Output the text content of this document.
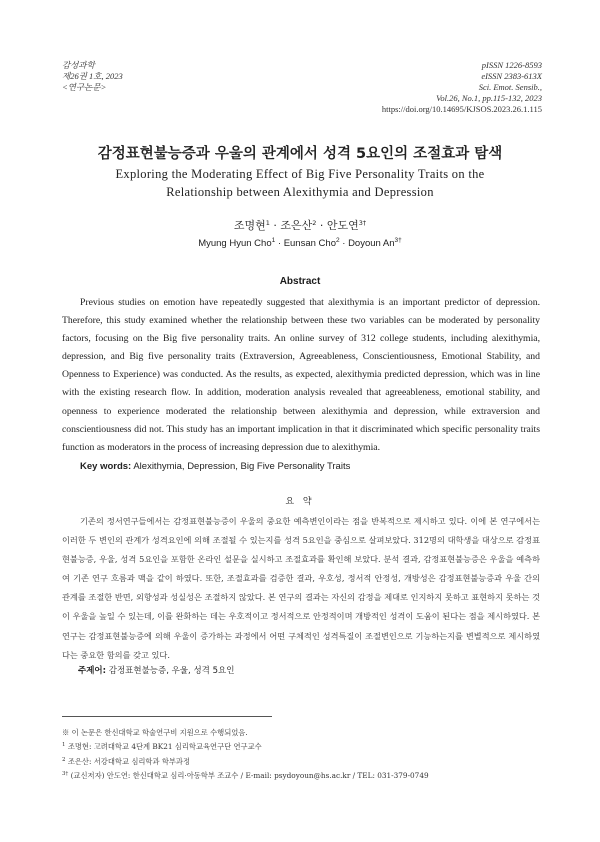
감성과학
제26권 1호, 2023
<연구논문>
pISSN 1226-8593
eISSN 2383-613X
Sci. Emot. Sensib.,
Vol.26, No.1, pp.115-132, 2023
https://doi.org/10.14695/KJSOS.2023.26.1.115
감정표현불능증과 우울의 관계에서 성격 5요인의 조절효과 탐색
Exploring the Moderating Effect of Big Five Personality Traits on the
Relationship between Alexithymia and Depression
조명현$^1$ · 조은산$^2$ · 안도연$^{3\dagger}$
Myung Hyun Cho$^1$ · Eunsan Cho$^2$ · Doyoun $An^{3\dagger}$
Abstract

Previous studies on emotion have repeatedly suggested that alexithymia is an important predictor of depression. Therefore, this study examined whether the relationship between these two variables can be moderated by personality factors, focusing on the Big five personality traits. An online survey of 312 college students, including alexithymia, depression, and Big five personality traits (Extraversion, Agreeableness, Conscientiousness, Emotional Stability, and Openness to Experience) was conducted. As the results, as expected, alexithymia predicted depression, which was in line with the existing research flow. In addition, moderation analysis revealed that agreeableness, emotional stability, and openness to experience moderated the relationship between alexithymia and depression, while extraversion and conscientiousness did not. This study has an important implication in that it discriminated which specific personality traits function as moderators in the process of increasing depression due to alexithymia.

Key words: Alexithymia, Depression, Big Five Personality Traits
요 약

기존의 정서연구들에서는 감정표현불능증이 우울의 중요한 예측변인이라는 점을 반복적으로 제시하고 있다. 이에 본 연구에서는 이러한 두 변인의 관계가 성격요인에 의해 조절될 수 있는지를 성격 5요인을 중심으로 살펴보았다. 312명의 대학생을 대상으로 감정표현불능증, 우울, 성격 5요인을 포함한 온라인 설문을 실시하고 조절효과를 확인해 보았다. 분석 결과, 감정표현불능증은 우울을 예측하여 기존 연구 흐름과 맥을 같이 하였다. 또한, 조절효과를 검증한 결과, 우호성, 정서적 안정성, 개방성은 감정표현불능증과 우울 간의 관계를 조절한 반면, 외향성과 성실성은 조절하지 않았다. 본 연구의 결과는 자신의 감정을 제대로 인지하지 못하고 표현하지 못하는 것이 우울을 높일 수 있는데, 이를 완화하는 데는 우호적이고 정서적으로 안정적이며 개방적인 성격이 도움이 된다는 점을 제시하였다. 본 연구는 감정표현불능증에 의해 우울이 증가하는 과정에서 어떤 구체적인 성격특질이 조절변인으로 기능하는지를 변별적으로 제시하였다는 중요한 함의를 갖고 있다.

주제어: 감정표현불능증, 우울, 성격 5요인
※ 이 논문은 한신대학교 학술연구비 지원으로 수행되었음.
$^1$ 조명현: 고려대학교 4단계 BK21 심리학교육연구단 연구교수
$^2$ 조은산: 서강대학교 심리학과 학부과정
$^{3\dagger}$ (교신저자) 안도연: 한신대학교 심리·아동학부 조교수 / E-mail: psydoyoun@hs.ac.kr / TEL: 031-379-0749
